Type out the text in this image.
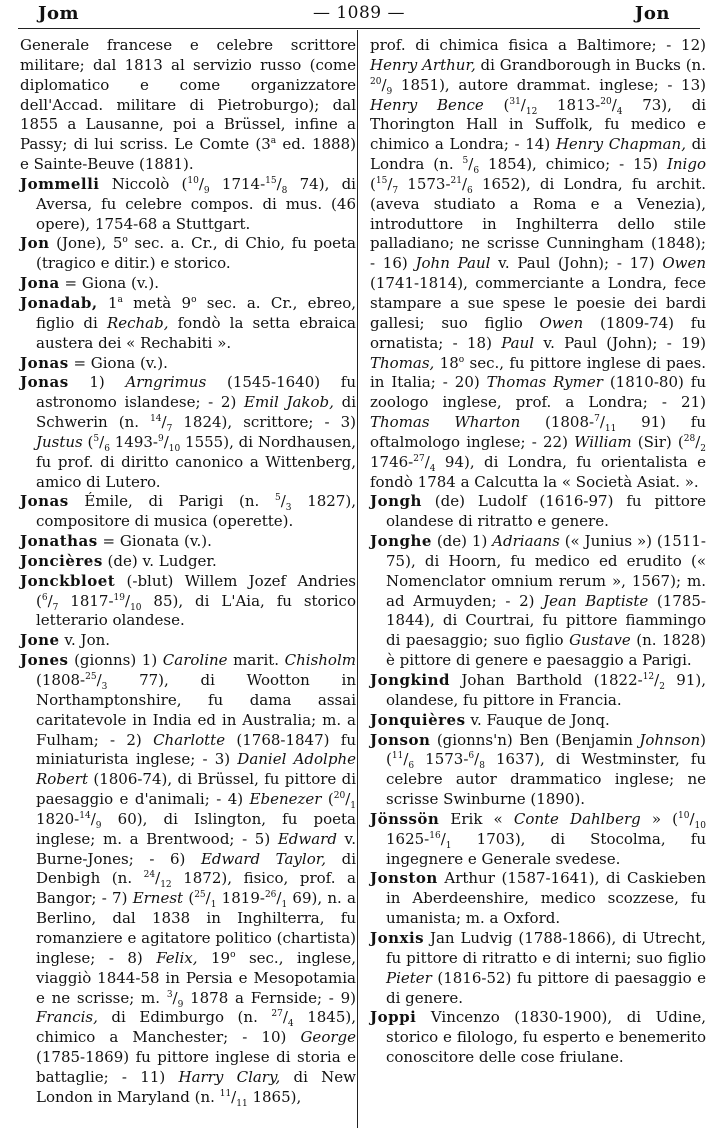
— 1089 —
Jom	Jon

Generale francese e celebre scrittore militare; dal 1813 al servizio russo (come diplomatico e come organizzatore dell'Accad. militare di Pietroburgo); dal 1855 a Lausanne, poi a Brüssel, infine a Passy; di lui scriss. Le Comte (3$^a$ ed. 1888) e Sainte-Beuve (1881).

Jommelli Niccolò ($^{10}/_9$ $1714-^{15}/_8$ 74), di Aversa, fu celebre compos. di mus. (46 opere), 1754-68 a Stuttgart.

Jon (Jone), 5$^o$ sec. a. Cr., di Chio, fu poeta (tragico e ditir.) e storico.

Jona = Giona (v.).

Jonadab, 1$^a$ metà 9$^o$ sec. a. Cr., ebreo, figlio di Rechab, fondò la setta ebraica austera dei « Rechabiti ».

Jonas = Giona (v.).

Jonas 1) Arngrimus (1545-1640) fu astronomo islandese; - 2) Emil Jakob, di Schwerin (n. $^{14}/_7$ 1824), scrittore; - 3) Justus ($^5/_6$ $1493-^9/_{10}$ 1555), di Nordhausen, fu prof. di diritto canonico a Wittenberg, amico di Lutero.

Jonas Émile, di Parigi (n. $^5/_3$ 1827), compositore di musica (operette).

Jonathas = Gionata (v.).

Joncières (de) v. Ludger.

Jonckbloet (-blut) Willem Jozef Andries ($^6/_7$ $1817-^{19}/_{10}$ 85), di L'Aia, fu storico letterario olandese.

Jone v. Jon.

Jones (gionns) 1) Caroline marit. Chisholm ($1808-^{25}/_3$ 77), di Wootton in Northamptonshire, fu dama assai caritatevole in India ed in Australia; m. a Fulham; - 2) Charlotte (1768-1847) fu miniaturista inglese; - 3) Daniel Adolphe Robert (1806-74), di Brüssel, fu pittore di paesaggio e d'animali; - 4) Ebenezer ($^{20}/_1$ $1820-^{14}/_9$ 60), di Islington, fu poeta inglese; m. a Brentwood; - 5) Edward v. Burne-Jones; - 6) Edward Taylor, di Denbigh (n. $^{24}/_{12}$ 1872), fisico, prof. a Bangor; - 7) Ernest ($^{25}/_1$ $1819-^{26}/_1$ 69), n. a Berlino, dal 1838 in Inghilterra, fu romanziere e agitatore politico (chartista) inglese; - 8) Felix, 19$^o$ sec., inglese, viaggiò 1844-58 in Persia e Mesopotamia e ne scrisse; m. $^3/_9$ 1878 a Fernside; - 9) Francis, di Edimburgo (n. $^{27}/_4$ 1845), chimico a Manchester; - 10) George (1785-1869) fu pittore inglese di storia e battaglie; - 11) Harry Clary, di New London in Maryland (n. $^{11}/_{11}$ 1865),

prof. di chimica fisica a Baltimore; - 12) Henry Arthur, di Grandborough in Bucks (n. $^{20}/_9$ 1851), autore drammat. inglese; - 13) Henry Bence ($^{31}/_{12}$ $1813-^{20}/_4$ 73), di Thorington Hall in Suffolk, fu medico e chimico a Londra; - 14) Henry Chapman, di Londra (n. $^5/_6$ 1854), chimico; - 15) Inigo ($^{15}/_7$ $1573-^{21}/_6$ 1652), di Londra, fu archit. (aveva studiato a Roma e a Venezia), introduttore in Inghilterra dello stile palladiano; ne scrisse Cunningham (1848); - 16) John Paul v. Paul (John); - 17) Owen (1741-1814), commerciante a Londra, fece stampare a sue spese le poesie dei bardi gallesi; suo figlio Owen (1809-74) fu ornatista; - 18) Paul v. Paul (John); - 19) Thomas, 18$^o$ sec., fu pittore inglese di paes. in Italia; - 20) Thomas Rymer (1810-80) fu zoologo inglese, prof. a Londra; - 21) Thomas Wharton ($1808-^7/_{11}$ 91) fu oftalmologo inglese; - 22) William (Sir) ($^{28}/_2$ $1746-^{27}/_4$ 94), di Londra, fu orientalista e fondò 1784 a Calcutta la « Società Asiat. ».

Jongh (de) Ludolf (1616-97) fu pittore olandese di ritratto e genere.

Jonghe (de) 1) Adriaans (« Junius ») (1511-75), di Hoorn, fu medico ed erudito (« Nomenclator omnium rerum », 1567); m. ad Armuyden; - 2) Jean Baptiste (1785-1844), di Courtrai, fu pittore fiammingo di paesaggio; suo figlio Gustave (n. 1828) è pittore di genere e paesaggio a Parigi.

Jongkind Johan Barthold ($1822-^{12}/_2$ 91), olandese, fu pittore in Francia.

Jonquières v. Fauque de Jonq.

Jonson (gionns'n) Ben (Benjamin Johnson) ($^{11}/_6$ $1573-^6/_8$ 1637), di Westminster, fu celebre autor drammatico inglese; ne scrisse Swinburne (1890).

Jönssön Erik « Conte Dahlberg » ($^{10}/_{10}$ $1625-^{16}/_1$ 1703), di Stocolma, fu ingegnere e Generale svedese.

Jonston Arthur (1587-1641), di Caskieben in Aberdeenshire, medico scozzese, fu umanista; m. a Oxford.

Jonxis Jan Ludvig (1788-1866), di Utrecht, fu pittore di ritratto e di interni; suo figlio Pieter (1816-52) fu pittore di paesaggio e di genere.

Joppi Vincenzo (1830-1900), di Udine, storico e filologo, fu esperto e benemerito conoscitore delle cose friulane.
